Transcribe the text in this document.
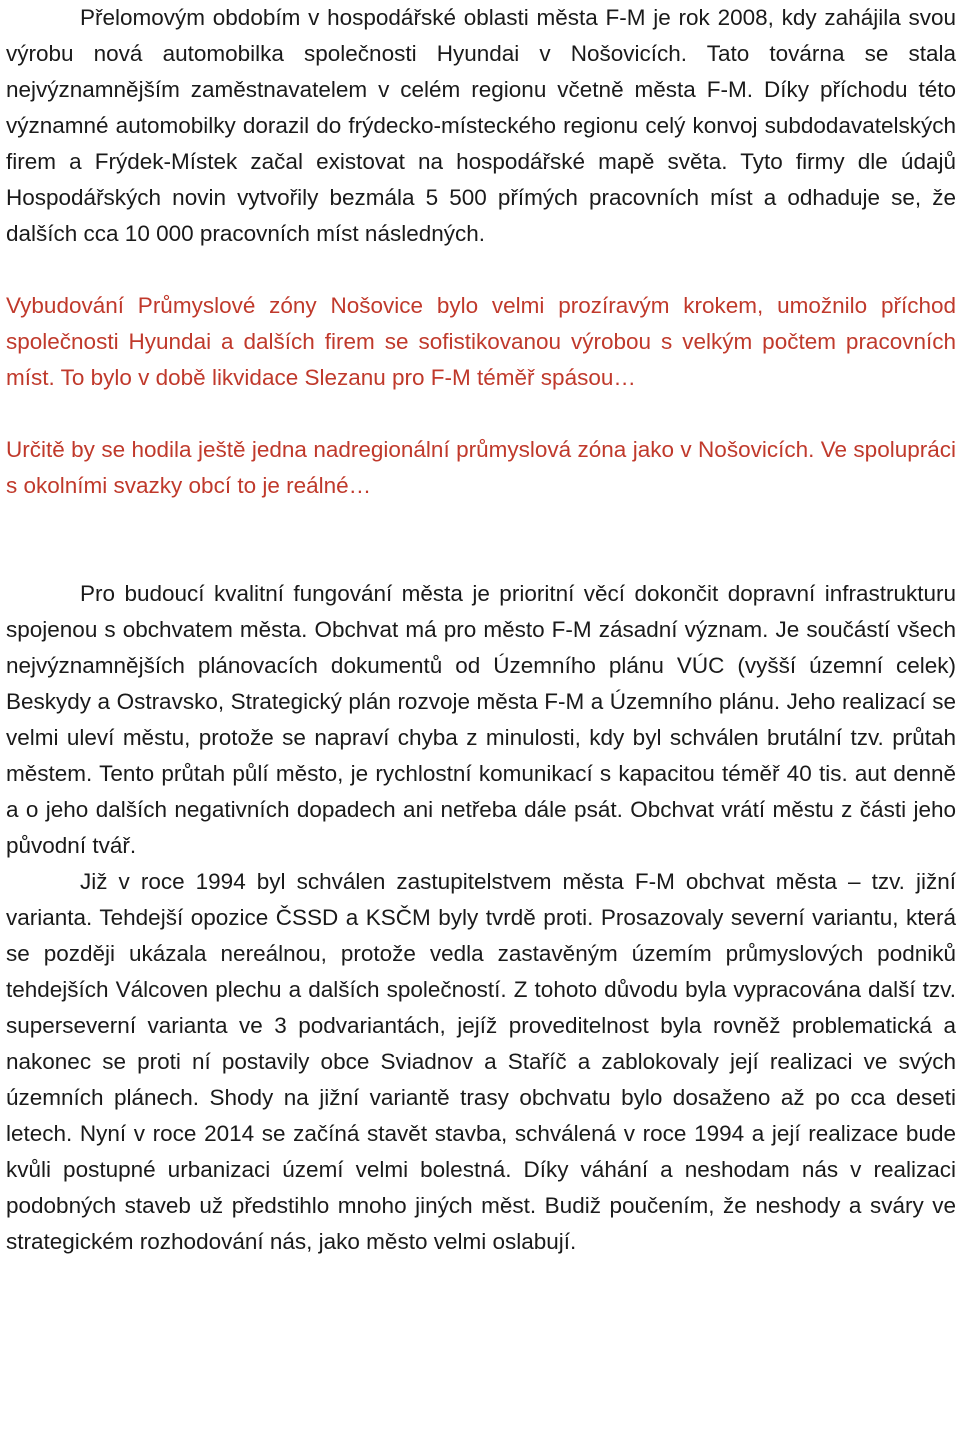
Přelomovým obdobím v hospodářské oblasti města F-M je rok 2008, kdy zahájila svou výrobu nová automobilka společnosti Hyundai v Nošovicích. Tato továrna se stala nejvýznamnějším zaměstnavatelem v celém regionu včetně města F-M. Díky příchodu této významné automobilky dorazil do frýdecko-místeckého regionu celý konvoj subdodavatelských firem a Frýdek-Místek začal existovat na hospodářské mapě světa. Tyto firmy dle údajů Hospodářských novin vytvořily bezmála 5 500 přímých pracovních míst a odhaduje se, že dalších cca 10 000 pracovních míst následných.

Vybudování Průmyslové zóny Nošovice bylo velmi prozíravým krokem, umožnilo příchod společnosti Hyundai a dalších firem se sofistikovanou výrobou s velkým počtem pracovních míst. To bylo v době likvidace Slezanu pro F-M téměř spásou…

Určitě by se hodila ještě jedna nadregionální průmyslová zóna jako v Nošovicích. Ve spolupráci s okolními svazky obcí to je reálné…

Pro budoucí kvalitní fungování města je prioritní věcí dokončit dopravní infrastrukturu spojenou s obchvatem města. Obchvat má pro město F-M zásadní význam. Je součástí všech nejvýznamnějších plánovacích dokumentů od Územního plánu VÚC (vyšší územní celek) Beskydy a Ostravsko, Strategický plán rozvoje města F-M a Územního plánu. Jeho realizací se velmi uleví městu, protože se napraví chyba z minulosti, kdy byl schválen brutální tzv. průtah městem. Tento průtah půlí město, je rychlostní komunikací s kapacitou téměř 40 tis. aut denně a o jeho dalších negativních dopadech ani netřeba dále psát. Obchvat vrátí městu z části jeho původní tvář.

Již v roce 1994 byl schválen zastupitelstvem města F-M obchvat města – tzv. jižní varianta. Tehdejší opozice ČSSD a KSČM byly tvrdě proti. Prosazovaly severní variantu, která se později ukázala nereálnou, protože vedla zastavěným územím průmyslových podniků tehdejších Válcoven plechu a dalších společností. Z tohoto důvodu byla vypracována další tzv. superseverní varianta ve 3 podvariantách, jejíž proveditelnost byla rovněž problematická a nakonec se proti ní postavily obce Sviadnov a Staříč a zablokovaly její realizaci ve svých územních plánech. Shody na jižní variantě trasy obchvatu bylo dosaženo až po cca deseti letech. Nyní v roce 2014 se začíná stavět stavba, schválená v roce 1994 a její realizace bude kvůli postupné urbanizaci území velmi bolestná. Díky váhání a neshodam nás v realizaci podobných staveb už předstihlo mnoho jiných měst. Budiž poučením, že neshody a sváry ve strategickém rozhodování nás, jako město velmi oslabují.
